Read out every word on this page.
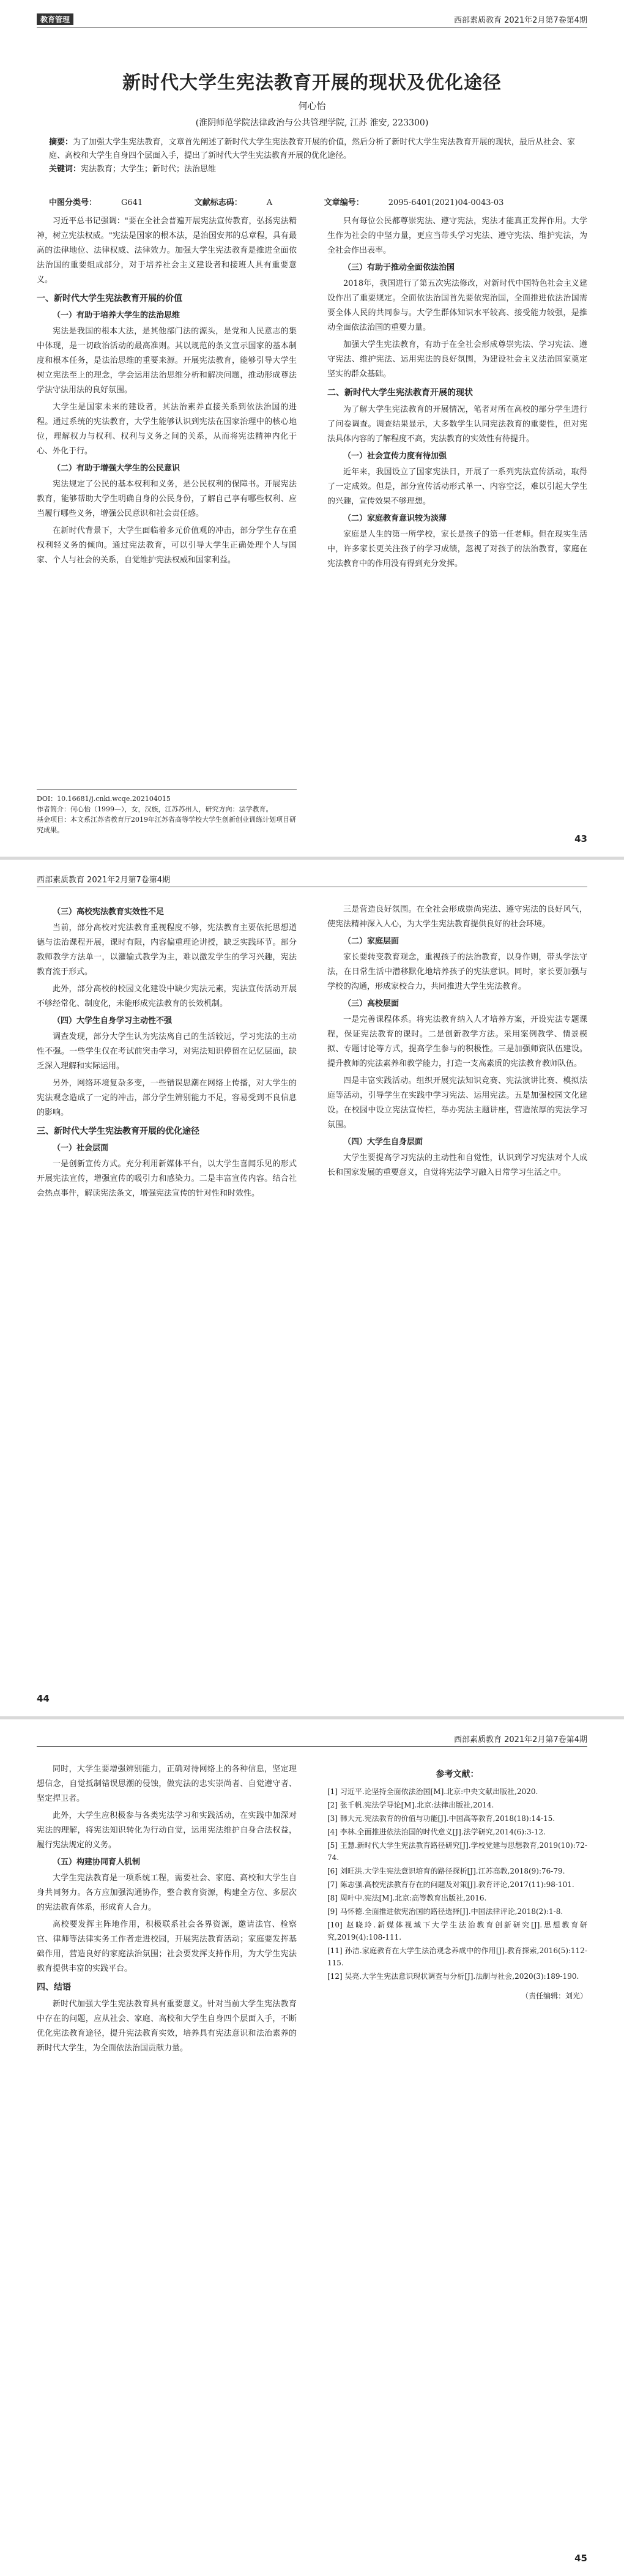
教育管理	西部素质教育 2021年2月第7卷第4期
新时代大学生宪法教育开展的现状及优化途径
何心怡
(淮阴师范学院法律政治与公共管理学院, 江苏 淮安, 223300)
摘要：为了加强大学生宪法教育，文章首先阐述了新时代大学生宪法教育开展的价值，然后分析了新时代大学生宪法教育开展的现状，最后从社会、家庭、高校和大学生自身四个层面入手，提出了新时代大学生宪法教育开展的优化途径。
关键词：宪法教育；大学生；新时代；法治思维
中图分类号：	G641	文献标志码：	A	文章编号：	2095-6401(2021)04-0043-03

习近平总书记强调："要在全社会普遍开展宪法宣传教育，弘扬宪法精神，树立宪法权威。"宪法是国家的根本法，是治国安邦的总章程，具有最高的法律地位、法律权威、法律效力。加强大学生宪法教育是推进全面依法治国的重要组成部分，对于培养社会主义建设者和接班人具有重要意义。

一、新时代大学生宪法教育开展的价值
（一）有助于培养大学生的法治思维

宪法是我国的根本大法，是其他部门法的源头，是党和人民意志的集中体现，是一切政治活动的最高准则。其以规范的条文宣示国家的基本制度和根本任务，是法治思维的重要来源。开展宪法教育，能够引导大学生树立宪法至上的理念，学会运用法治思维分析和解决问题，推动形成尊法学法守法用法的良好氛围。

大学生是国家未来的建设者，其法治素养直接关系到依法治国的进程。通过系统的宪法教育，大学生能够认识到宪法在国家治理中的核心地位，理解权力与权利、权利与义务之间的关系，从而将宪法精神内化于心、外化于行。

（二）有助于增强大学生的公民意识

宪法规定了公民的基本权利和义务，是公民权利的保障书。开展宪法教育，能够帮助大学生明确自身的公民身份，了解自己享有哪些权利、应当履行哪些义务，增强公民意识和社会责任感。

在新时代背景下，大学生面临着多元价值观的冲击，部分学生存在重权利轻义务的倾向。通过宪法教育，可以引导大学生正确处理个人与国家、个人与社会的关系，自觉维护宪法权威和国家利益。

只有每位公民都尊崇宪法、遵守宪法，宪法才能真正发挥作用。大学生作为社会的中坚力量，更应当带头学习宪法、遵守宪法、维护宪法，为全社会作出表率。

（三）有助于推动全面依法治国

2018年，我国进行了第五次宪法修改，对新时代中国特色社会主义建设作出了重要规定。全面依法治国首先要依宪治国，全面推进依法治国需要全体人民的共同参与。大学生群体知识水平较高、接受能力较强，是推动全面依法治国的重要力量。

加强大学生宪法教育，有助于在全社会形成尊崇宪法、学习宪法、遵守宪法、维护宪法、运用宪法的良好氛围，为建设社会主义法治国家奠定坚实的群众基础。

二、新时代大学生宪法教育开展的现状

为了解大学生宪法教育的开展情况，笔者对所在高校的部分学生进行了问卷调查。调查结果显示，大多数学生认同宪法教育的重要性，但对宪法具体内容的了解程度不高，宪法教育的实效性有待提升。

（一）社会宣传力度有待加强

近年来，我国设立了国家宪法日，开展了一系列宪法宣传活动，取得了一定成效。但是，部分宣传活动形式单一、内容空泛，难以引起大学生的兴趣，宣传效果不够理想。

（二）家庭教育意识较为淡薄

家庭是人生的第一所学校，家长是孩子的第一任老师。但在现实生活中，许多家长更关注孩子的学习成绩，忽视了对孩子的法治教育，家庭在宪法教育中的作用没有得到充分发挥。

DOI：10.16681/j.cnki.wcqe.202104015
作者简介：何心怡（1999—），女，汉族，江苏苏州人，研究方向：法学教育。
基金项目：本文系江苏省教育厅2019年江苏省高等学校大学生创新创业训练计划项目研究成果。
43
西部素质教育 2021年2月第7卷第4期
（三）高校宪法教育实效性不足

当前，部分高校对宪法教育重视程度不够，宪法教育主要依托思想道德与法治课程开展，课时有限，内容偏重理论讲授，缺乏实践环节。部分教师教学方法单一，以灌输式教学为主，难以激发学生的学习兴趣，宪法教育流于形式。

此外，部分高校的校园文化建设中缺少宪法元素，宪法宣传活动开展不够经常化、制度化，未能形成宪法教育的长效机制。

（四）大学生自身学习主动性不强

调查发现，部分大学生认为宪法离自己的生活较远，学习宪法的主动性不强。一些学生仅在考试前突击学习，对宪法知识停留在记忆层面，缺乏深入理解和实际运用。

另外，网络环境复杂多变，一些错误思潮在网络上传播，对大学生的宪法观念造成了一定的冲击，部分学生辨别能力不足，容易受到不良信息的影响。

三、新时代大学生宪法教育开展的优化途径
（一）社会层面

一是创新宣传方式。充分利用新媒体平台，以大学生喜闻乐见的形式开展宪法宣传，增强宣传的吸引力和感染力。二是丰富宣传内容。结合社会热点事件，解读宪法条文，增强宪法宣传的针对性和时效性。

三是营造良好氛围。在全社会形成崇尚宪法、遵守宪法的良好风气，使宪法精神深入人心，为大学生宪法教育提供良好的社会环境。

（二）家庭层面

家长要转变教育观念，重视孩子的法治教育，以身作则，带头学法守法，在日常生活中潜移默化地培养孩子的宪法意识。同时，家长要加强与学校的沟通，形成家校合力，共同推进大学生宪法教育。

（三）高校层面

一是完善课程体系。将宪法教育纳入人才培养方案，开设宪法专题课程，保证宪法教育的课时。二是创新教学方法。采用案例教学、情景模拟、专题讨论等方式，提高学生参与的积极性。三是加强师资队伍建设。提升教师的宪法素养和教学能力，打造一支高素质的宪法教育教师队伍。

四是丰富实践活动。组织开展宪法知识竞赛、宪法演讲比赛、模拟法庭等活动，引导学生在实践中学习宪法、运用宪法。五是加强校园文化建设。在校园中设立宪法宣传栏，举办宪法主题讲座，营造浓厚的宪法学习氛围。

（四）大学生自身层面

大学生要提高学习宪法的主动性和自觉性，认识到学习宪法对个人成长和国家发展的重要意义，自觉将宪法学习融入日常学习生活之中。

44
西部素质教育 2021年2月第7卷第4期

同时，大学生要增强辨别能力，正确对待网络上的各种信息，坚定理想信念，自觉抵制错误思潮的侵蚀，做宪法的忠实崇尚者、自觉遵守者、坚定捍卫者。

此外，大学生应积极参与各类宪法学习和实践活动，在实践中加深对宪法的理解，将宪法知识转化为行动自觉，运用宪法维护自身合法权益，履行宪法规定的义务。

（五）构建协同育人机制

大学生宪法教育是一项系统工程，需要社会、家庭、高校和大学生自身共同努力。各方应加强沟通协作，整合教育资源，构建全方位、多层次的宪法教育体系，形成育人合力。

高校要发挥主阵地作用，积极联系社会各界资源，邀请法官、检察官、律师等法律实务工作者走进校园，开展宪法教育活动；家庭要发挥基础作用，营造良好的家庭法治氛围；社会要发挥支持作用，为大学生宪法教育提供丰富的实践平台。

四、结语

新时代加强大学生宪法教育具有重要意义。针对当前大学生宪法教育中存在的问题，应从社会、家庭、高校和大学生自身四个层面入手，不断优化宪法教育途径，提升宪法教育实效，培养具有宪法意识和法治素养的新时代大学生，为全面依法治国贡献力量。

参考文献：
[1] 习近平.论坚持全面依法治国[M].北京:中央文献出版社,2020.
[2] 张千帆.宪法学导论[M].北京:法律出版社,2014.
[3] 韩大元.宪法教育的价值与功能[J].中国高等教育,2018(18):14-15.
[4] 李林.全面推进依法治国的时代意义[J].法学研究,2014(6):3-12.
[5] 王慧.新时代大学生宪法教育路径研究[J].学校党建与思想教育,2019(10):72-74.
[6] 刘旺洪.大学生宪法意识培育的路径探析[J].江苏高教,2018(9):76-79.
[7] 陈志强.高校宪法教育存在的问题及对策[J].教育评论,2017(11):98-101.
[8] 周叶中.宪法[M].北京:高等教育出版社,2016.
[9] 马怀德.全面推进依宪治国的路径选择[J].中国法律评论,2018(2):1-8.
[10] 赵晓玲.新媒体视域下大学生法治教育创新研究[J].思想教育研究,2019(4):108-111.
[11] 孙洁.家庭教育在大学生法治观念养成中的作用[J].教育探索,2016(5):112-115.
[12] 吴亮.大学生宪法意识现状调查与分析[J].法制与社会,2020(3):189-190.
（责任编辑：刘光）
45
